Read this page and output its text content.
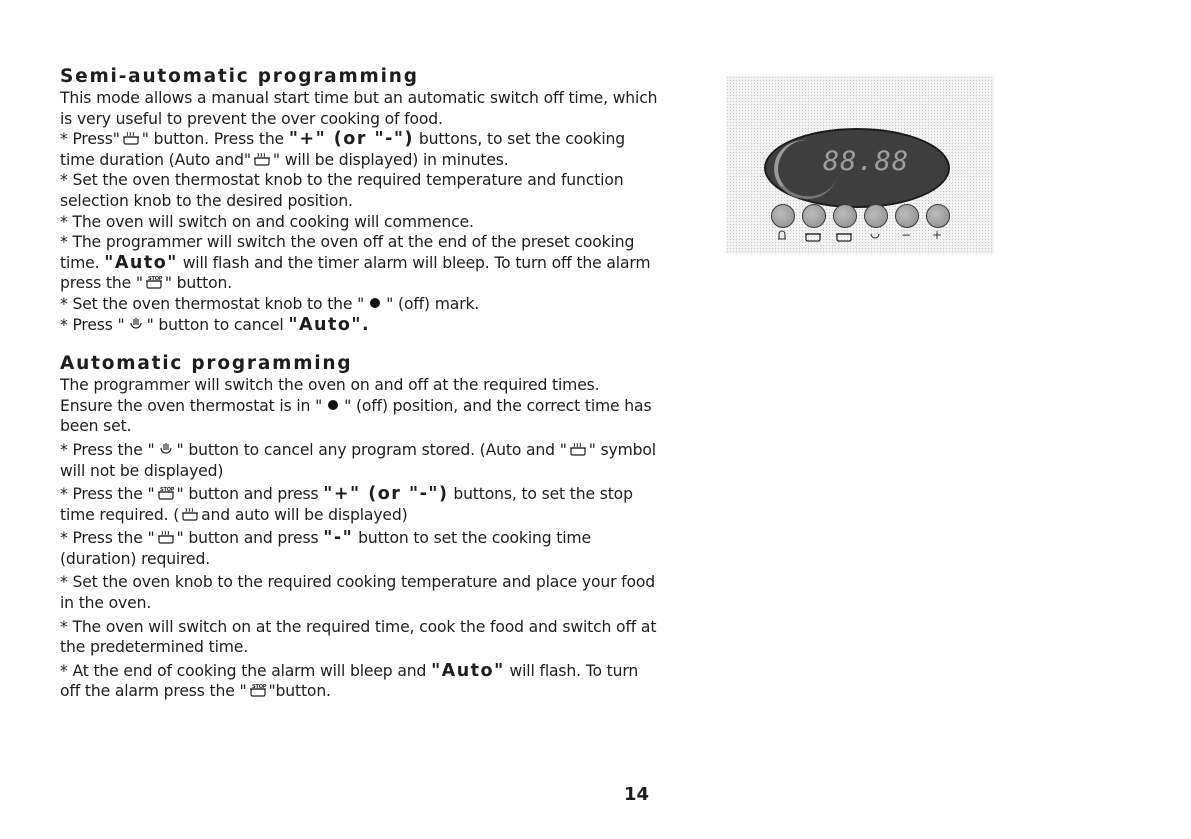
Semi-automatic programming

This mode allows a manual start time but an automatic switch off time, which is very useful to prevent the over cooking of food.

* Press" " button. Press the "+" (or "-") buttons, to set the cooking time duration (Auto and" " will be displayed) in minutes.

* Set the oven thermostat knob to the required temperature and function selection knob to the desired position.

* The oven will switch on and cooking will commence.

* The programmer will switch the oven off at the end of the preset cooking time. "Auto" will flash and the timer alarm will bleep. To turn off the alarm press the " STOP " button.

* Set the oven thermostat knob to the " " (off) mark.

* Press " " button to cancel "Auto".

Automatic programming

The programmer will switch the oven on and off at the required times.

Ensure the oven thermostat is in " " (off) position, and the correct time has been set.

* Press the " " button to cancel any program stored. (Auto and " " symbol will not be displayed)

* Press the " STOP " button and press "+" (or "-") buttons, to set the stop time required. ( and auto will be displayed)

* Press the " " button and press "-" button to set the cooking time (duration) required.

* Set the oven knob to the required cooking temperature and place your food in the oven.

* The oven will switch on at the required time, cook the food and switch off at the predetermined time.

* At the end of cooking the alarm will bleep and "Auto" will flash. To turn off the alarm press the " STOP "button.

14
88.88
−	+
